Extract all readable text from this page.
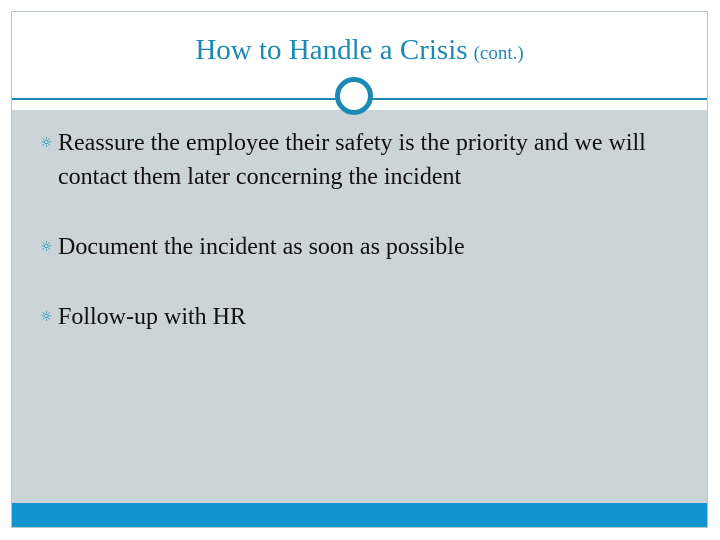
How to Handle a Crisis (cont.)
☼ Reassure the employee their safety is the priority and we will contact them later concerning the incident
☼ Document the incident as soon as possible
☼ Follow-up with HR
